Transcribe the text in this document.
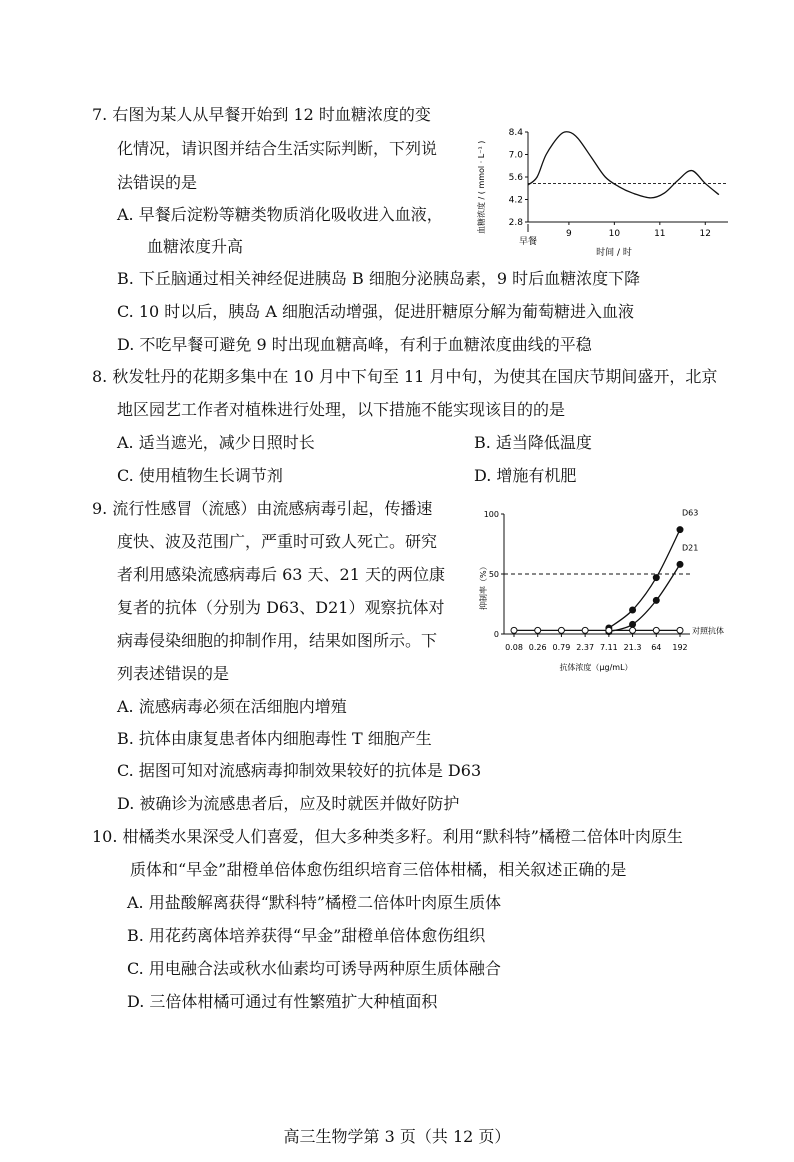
7. 右图为某人从早餐开始到 12 时血糖浓度的变
化情况，请识图并结合生活实际判断，下列说
法错误的是
A. 早餐后淀粉等糖类物质消化吸收进入血液，
血糖浓度升高
B. 下丘脑通过相关神经促进胰岛 B 细胞分泌胰岛素，9 时后血糖浓度下降
C. 10 时以后，胰岛 A 细胞活动增强，促进肝糖原分解为葡萄糖进入血液
D. 不吃早餐可避免 9 时出现血糖高峰，有利于血糖浓度曲线的平稳
2.8
4.2
5.6
7.0
8.4
9	10	11	12
血糖浓度 / ( mmol · L⁻¹ )
时间 / 时
早餐
8. 秋发牡丹的花期多集中在 10 月中下旬至 11 月中旬，为使其在国庆节期间盛开，北京
地区园艺工作者对植株进行处理，以下措施不能实现该目的的是
A. 适当遮光，减少日照时长	B. 适当降低温度
C. 使用植物生长调节剂	D. 增施有机肥
9. 流行性感冒（流感）由流感病毒引起，传播速
度快、波及范围广，严重时可致人死亡。研究
者利用感染流感病毒后 63 天、21 天的两位康
复者的抗体（分别为 D63、D21）观察抗体对
病毒侵染细胞的抑制作用，结果如图所示。下
列表述错误的是
A. 流感病毒必须在活细胞内增殖
B. 抗体由康复患者体内细胞毒性 T 细胞产生
C. 据图可知对流感病毒抑制效果较好的抗体是 D63
D. 被确诊为流感患者后，应及时就医并做好防护
0
50
100
0.08 0.26 0.79 2.37 7.11 21.3 64 192
D63
D21
对照抗体
抑制率（%）
抗体浓度（μg/mL）
10. 柑橘类水果深受人们喜爱，但大多种类多籽。利用“默科特”橘橙二倍体叶肉原生
质体和“早金”甜橙单倍体愈伤组织培育三倍体柑橘，相关叙述正确的是
A. 用盐酸解离获得“默科特”橘橙二倍体叶肉原生质体
B. 用花药离体培养获得“早金”甜橙单倍体愈伤组织
C. 用电融合法或秋水仙素均可诱导两种原生质体融合
D. 三倍体柑橘可通过有性繁殖扩大种植面积
高三生物学第 3 页（共 12 页）
